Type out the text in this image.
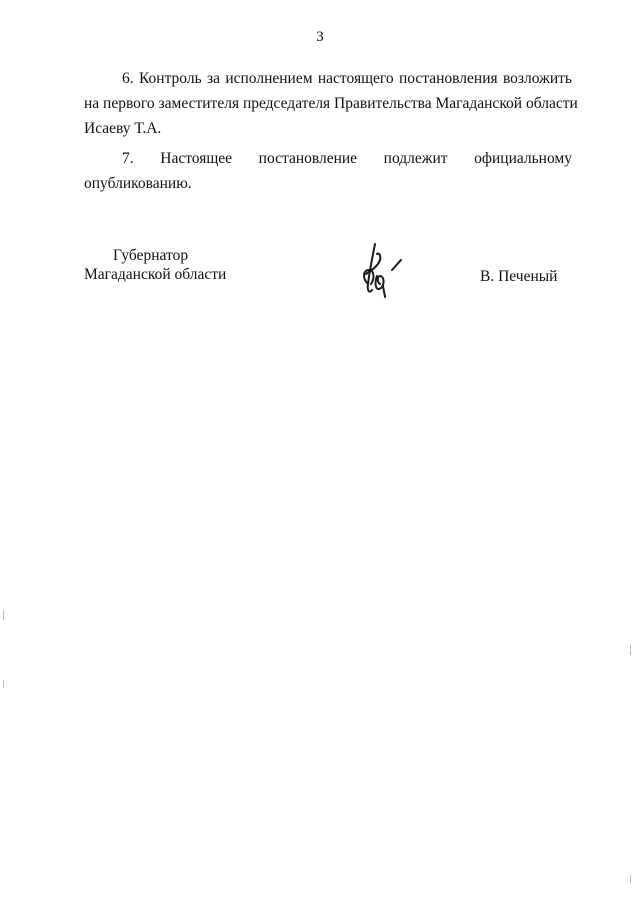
3
6. Контроль за исполнением настоящего постановления возложить
на первого заместителя председателя Правительства Магаданской области
Исаеву Т.А.
7. Настоящее постановление подлежит официальному
опубликованию.
Губернатор
Магаданской области	В. Печеный
